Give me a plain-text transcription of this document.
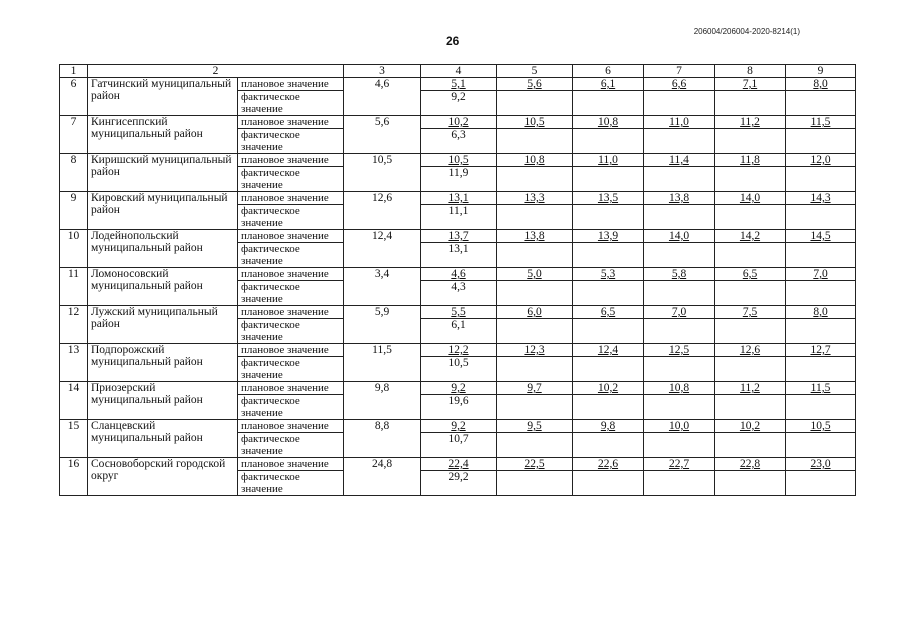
206004/206004-2020-8214(1)
26
1	2		3	4	5	6	7	8	9
6	Гатчинский муниципальный район	плановое значение	4,6	5,1	5,6	6,1	6,6	7,1	8,0
		фактическое значение		9,2					
7	Кингисеппский муниципальный район	плановое значение	5,6	10,2	10,5	10,8	11,0	11,2	11,5
		фактическое значение		6,3					
8	Киришский муниципальный район	плановое значение	10,5	10,5	10,8	11,0	11,4	11,8	12,0
		фактическое значение		11,9					
9	Кировский муниципальный район	плановое значение	12,6	13,1	13,3	13,5	13,8	14,0	14,3
		фактическое значение		11,1					
10	Лодейнопольский муниципальный район	плановое значение	12,4	13,7	13,8	13,9	14,0	14,2	14,5
		фактическое значение		13,1					
11	Ломоносовский муниципальный район	плановое значение	3,4	4,6	5,0	5,3	5,8	6,5	7,0
		фактическое значение		4,3					
12	Лужский муниципальный район	плановое значение	5,9	5,5	6,0	6,5	7,0	7,5	8,0
		фактическое значение		6,1					
13	Подпорожский муниципальный район	плановое значение	11,5	12,2	12,3	12,4	12,5	12,6	12,7
		фактическое значение		10,5					
14	Приозерский муниципальный район	плановое значение	9,8	9,2	9,7	10,2	10,8	11,2	11,5
		фактическое значение		19,6					
15	Сланцевский муниципальный район	плановое значение	8,8	9,2	9,5	9,8	10,0	10,2	10,5
		фактическое значение		10,7					
16	Сосновоборский городской округ	плановое значение	24,8	22,4	22,5	22,6	22,7	22,8	23,0
		фактическое значение		29,2					
